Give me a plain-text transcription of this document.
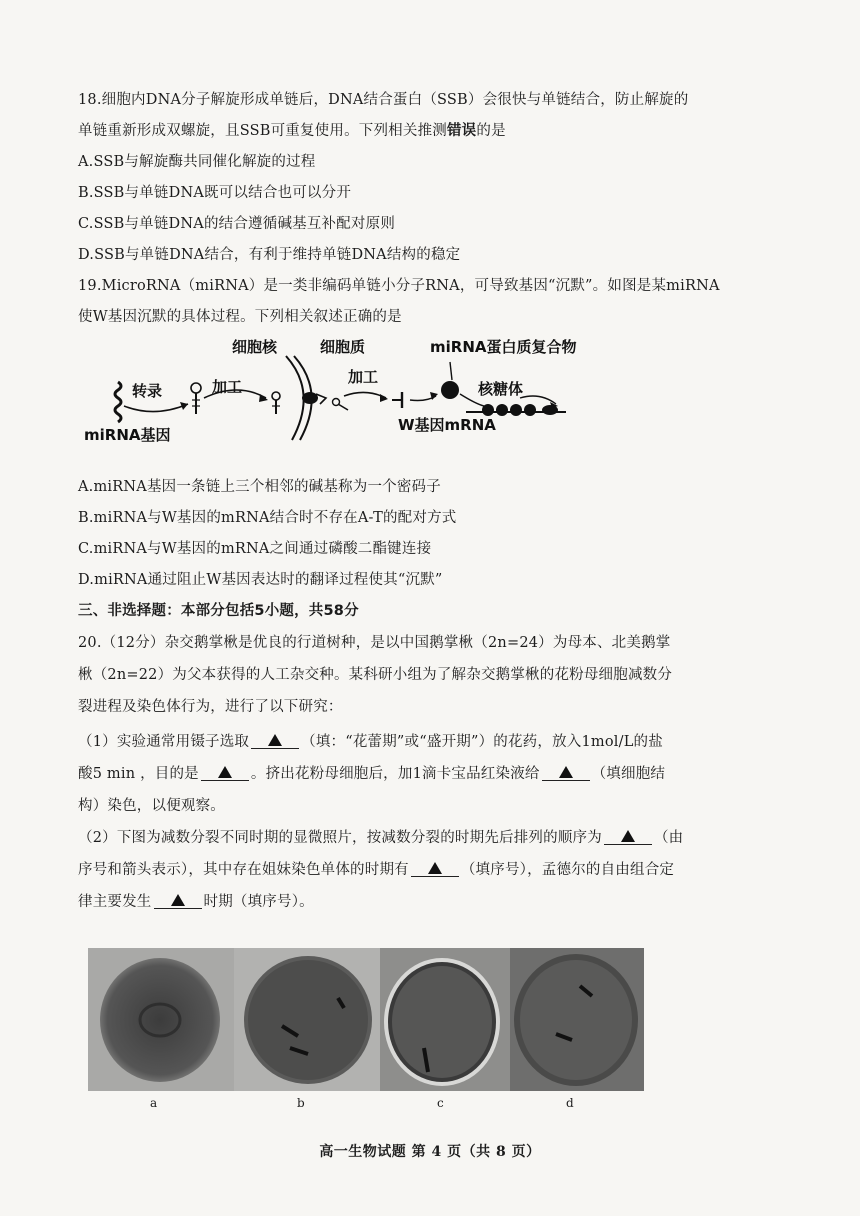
18.细胞内DNA分子解旋形成单链后，DNA结合蛋白（SSB）会很快与单链结合，防止解旋的
单链重新形成双螺旋，且SSB可重复使用。下列相关推测错误的是
A.SSB与解旋酶共同催化解旋的过程
B.SSB与单链DNA既可以结合也可以分开
C.SSB与单链DNA的结合遵循碱基互补配对原则
D.SSB与单链DNA结合，有利于维持单链DNA结构的稳定
19.MicroRNA（miRNA）是一类非编码单链小分子RNA，可导致基因“沉默”。如图是某miRNA
使W基因沉默的具体过程。下列相关叙述正确的是
细胞核	细胞质	miRNA蛋白质复合物
转录	加工
加工
核糖体
miRNA基因
W基因mRNA
A.miRNA基因一条链上三个相邻的碱基称为一个密码子
B.miRNA与W基因的mRNA结合时不存在A-T的配对方式
C.miRNA与W基因的mRNA之间通过磷酸二酯键连接
D.miRNA通过阻止W基因表达时的翻译过程使其“沉默”
三、非选择题：本部分包括5小题，共58分
20.（12分）杂交鹅掌楸是优良的行道树种，是以中国鹅掌楸（2n=24）为母本、北美鹅掌
楸（2n=22）为父本获得的人工杂交种。某科研小组为了解杂交鹅掌楸的花粉母细胞减数分
裂进程及染色体行为，进行了以下研究：
（1）实验通常用镊子选取	（填：“花蕾期”或“盛开期”）的花药，放入1mol/L的盐
酸5 min ，目的是	。挤出花粉母细胞后，加1滴卡宝品红染液给	（填细胞结
构）染色，以便观察。
（2）下图为减数分裂不同时期的显微照片，按减数分裂的时期先后排列的顺序为	（由
序号和箭头表示），其中存在姐妹染色单体的时期有	（填序号），孟德尔的自由组合定
律主要发生	时期（填序号）。
a	b	c	d
高一生物试题 第 4 页（共 8 页）
